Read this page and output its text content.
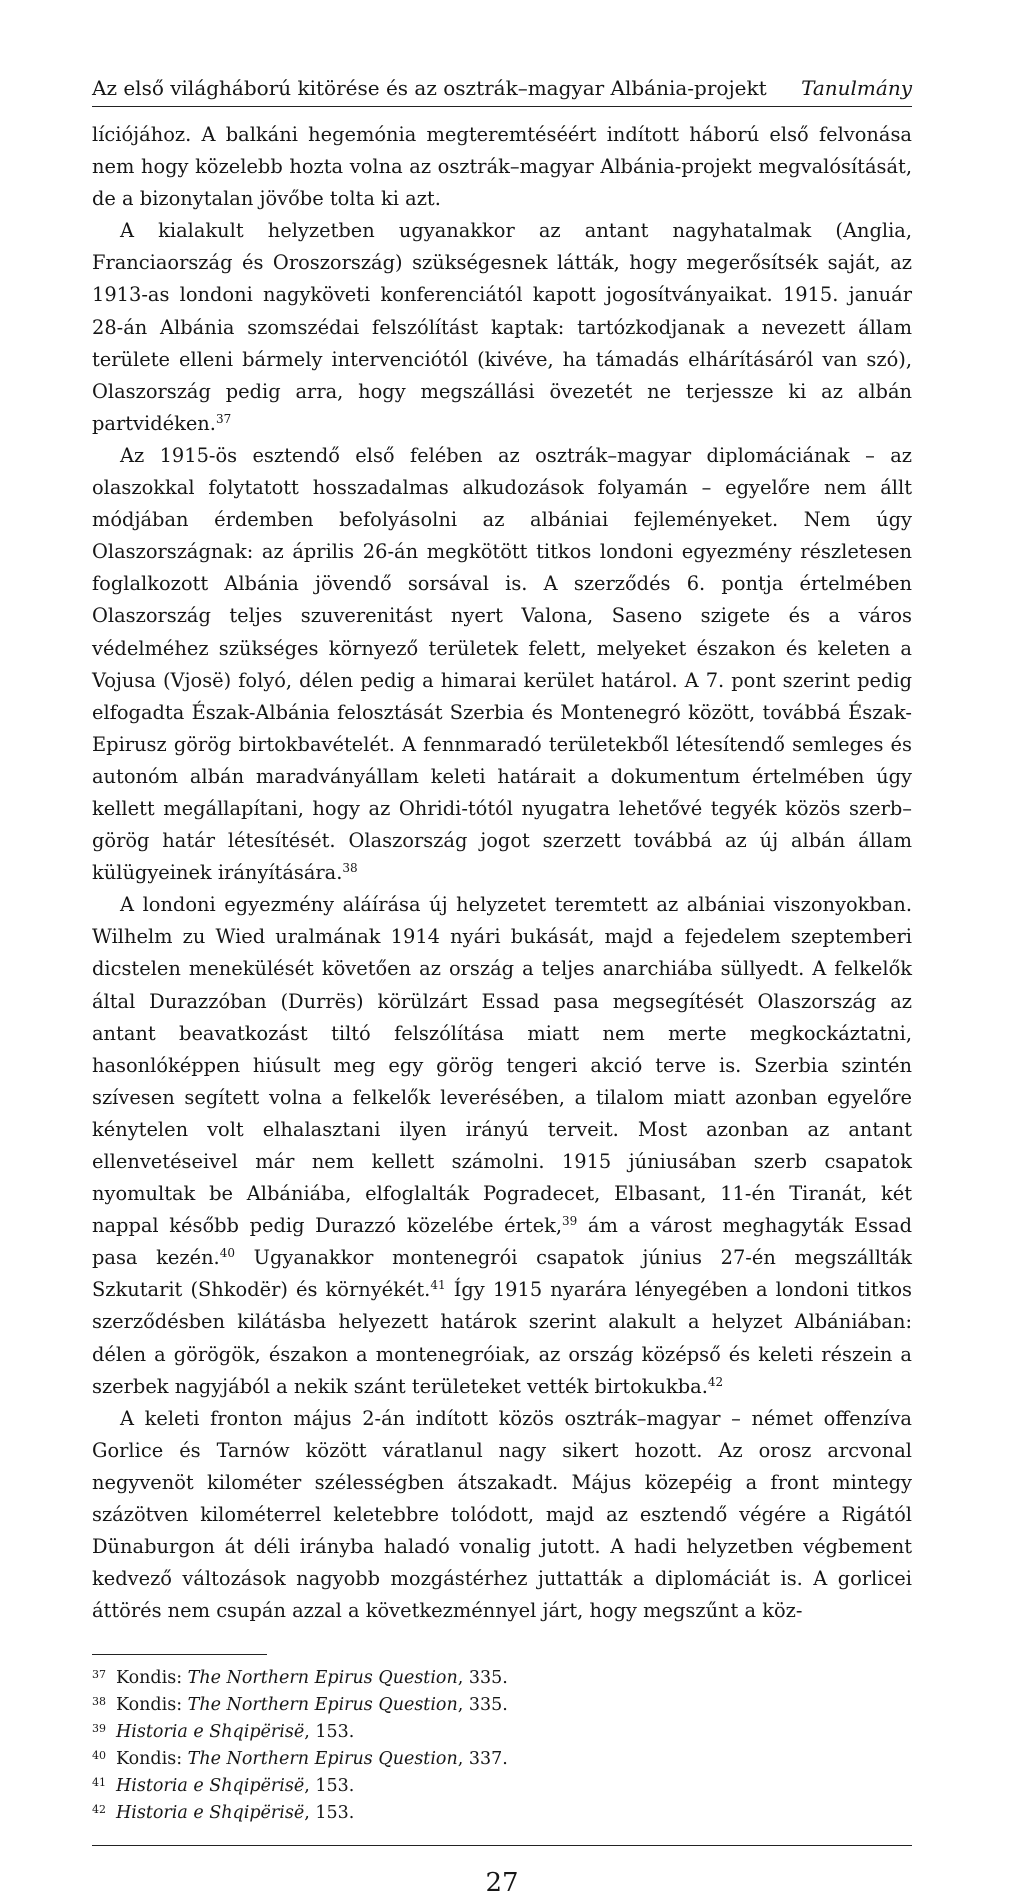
Az első világháború kitörése és az osztrák–magyar Albánia-projekt Tanulmány

líciójához. A balkáni hegemónia megteremtéséért indított háború első felvonása nem hogy közelebb hozta volna az osztrák–magyar Albánia-projekt megvalósítását, de a bizonytalan jövőbe tolta ki azt.

A kialakult helyzetben ugyanakkor az antant nagyhatalmak (Anglia, Franciaország és Oroszország) szükségesnek látták, hogy megerősítsék saját, az 1913-as londoni nagyköveti konferenciától kapott jogosítványaikat. 1915. január 28-án Albánia szomszédai felszólítást kaptak: tartózkodjanak a nevezett állam területe elleni bármely intervenciótól (kivéve, ha támadás elhárításáról van szó), Olaszország pedig arra, hogy megszállási övezetét ne terjessze ki az albán partvidéken.$^{37}$

Az 1915-ös esztendő első felében az osztrák–magyar diplomáciának – az olaszokkal folytatott hosszadalmas alkudozások folyamán – egyelőre nem állt módjában érdemben befolyásolni az albániai fejleményeket. Nem úgy Olaszországnak: az április 26-án megkötött titkos londoni egyezmény részletesen foglalkozott Albánia jövendő sorsával is. A szerződés 6. pontja értelmében Olaszország teljes szuverenitást nyert Valona, Saseno szigete és a város védelméhez szükséges környező területek felett, melyeket északon és keleten a Vojusa (Vjosë) folyó, délen pedig a himarai kerület határol. A 7. pont szerint pedig elfogadta Észak-Albánia felosztását Szerbia és Montenegró között, továbbá Észak-Epirusz görög birtokbavételét. A fennmaradó területekből létesítendő semleges és autonóm albán maradványállam keleti határait a dokumentum értelmében úgy kellett megállapítani, hogy az Ohridi-tótól nyugatra lehetővé tegyék közös szerb–görög határ létesítését. Olaszország jogot szerzett továbbá az új albán állam külügyeinek irányítására.$^{38}$

A londoni egyezmény aláírása új helyzetet teremtett az albániai viszonyokban. Wilhelm zu Wied uralmának 1914 nyári bukását, majd a fejedelem szeptemberi dicstelen menekülését követően az ország a teljes anarchiába süllyedt. A felkelők által Durazzóban (Durrës) körülzárt Essad pasa megsegítését Olaszország az antant beavatkozást tiltó felszólítása miatt nem merte megkockáztatni, hasonlóképpen hiúsult meg egy görög tengeri akció terve is. Szerbia szintén szívesen segített volna a felkelők leverésében, a tilalom miatt azonban egyelőre kénytelen volt elhalasztani ilyen irányú terveit. Most azonban az antant ellenvetéseivel már nem kellett számolni. 1915 júniusában szerb csapatok nyomultak be Albániába, elfoglalták Pogradecet, Elbasant, 11-én Tiranát, két nappal később pedig Durazzó közelébe értek,$^{39}$ ám a várost meghagyták Essad pasa kezén.$^{40}$ Ugyanakkor montenegrói csapatok június 27-én megszállták Szkutarit (Shkodër) és környékét.$^{41}$ Így 1915 nyarára lényegében a londoni titkos szerződésben kilátásba helyezett határok szerint alakult a helyzet Albániában: délen a görögök, északon a montenegróiak, az ország középső és keleti részein a szerbek nagyjából a nekik szánt területeket vették birtokukba.$^{42}$

A keleti fronton május 2-án indított közös osztrák–magyar – német offenzíva Gorlice és Tarnów között váratlanul nagy sikert hozott. Az orosz arcvonal negyvenöt kilométer szélességben átszakadt. Május közepéig a front mintegy százötven kilométerrel keletebbre tolódott, majd az esztendő végére a Rigától Dünaburgon át déli irányba haladó vonalig jutott. A hadi helyzetben végbement kedvező változások nagyobb mozgástérhez juttatták a diplomáciát is. A gorlicei áttörés nem csupán azzal a következménnyel járt, hogy megszűnt a köz-

37 Kondis: The Northern Epirus Question, 335.
38 Kondis: The Northern Epirus Question, 335.
39 Historia e Shqipërisë, 153.
40 Kondis: The Northern Epirus Question, 337.
41 Historia e Shqipërisë, 153.
42 Historia e Shqipërisë, 153.
27
